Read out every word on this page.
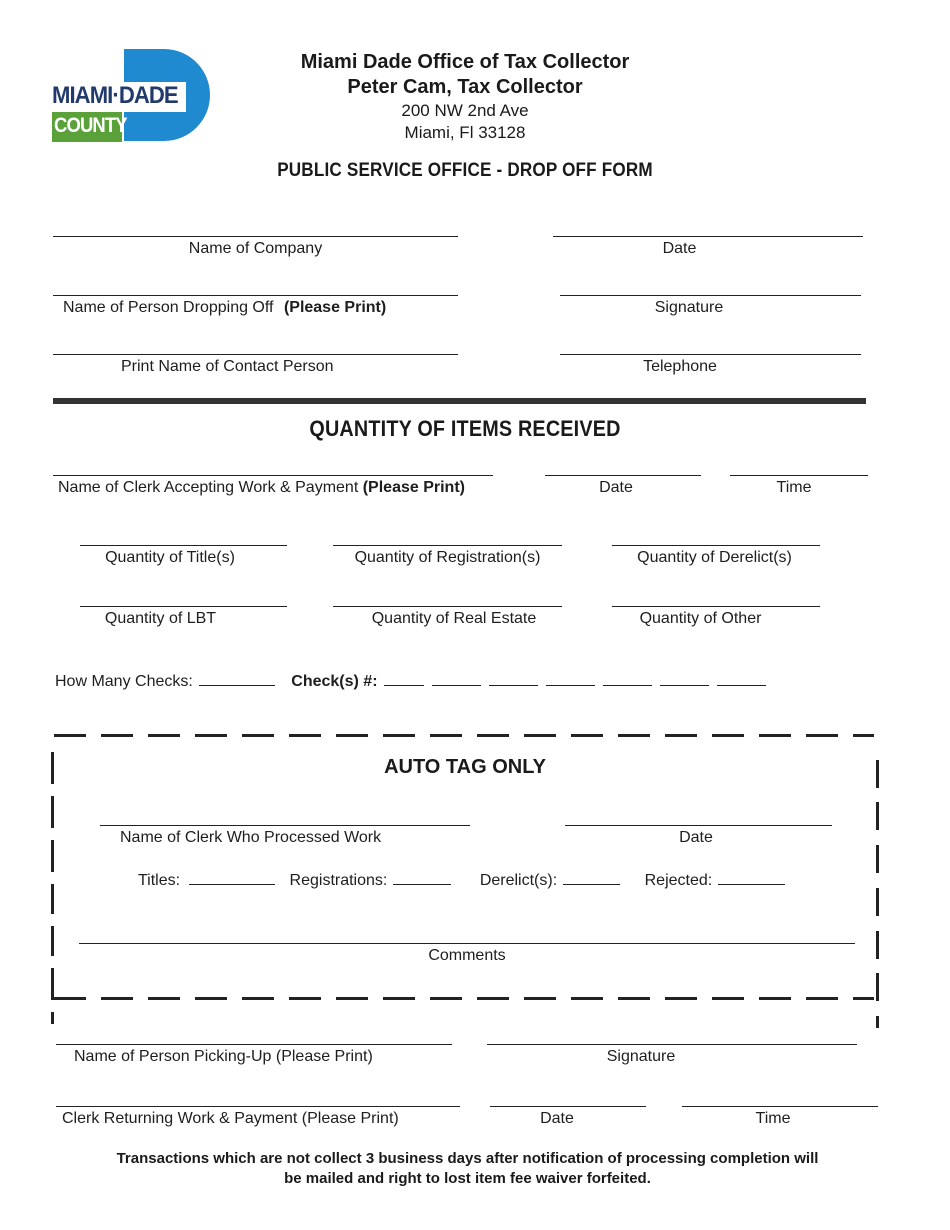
MIAMI·DADE
COUNTY
Miami Dade Office of Tax Collector
Peter Cam, Tax Collector
200 NW 2nd Ave
Miami, Fl 33128
PUBLIC SERVICE OFFICE - DROP OFF FORM
Name of Company	Date
Name of Person Dropping Off (Please Print)	Signature
Print Name of Contact Person	Telephone
QUANTITY OF ITEMS RECEIVED
Name of Clerk Accepting Work & Payment (Please Print)	Date	Time
Quantity of Title(s)	Quantity of Registration(s)	Quantity of Derelict(s)
Quantity of LBT	Quantity of Real Estate	Quantity of Other
How Many Checks:	Check(s) #:
AUTO TAG ONLY
Name of Clerk Who Processed Work	Date
Titles:	Registrations:	Derelict(s):	Rejected:
Comments
Name of Person Picking-Up (Please Print)	Signature
Clerk Returning Work & Payment (Please Print)	Date	Time
Transactions which are not collect 3 business days after notification of processing completion will
be mailed and right to lost item fee waiver forfeited.
